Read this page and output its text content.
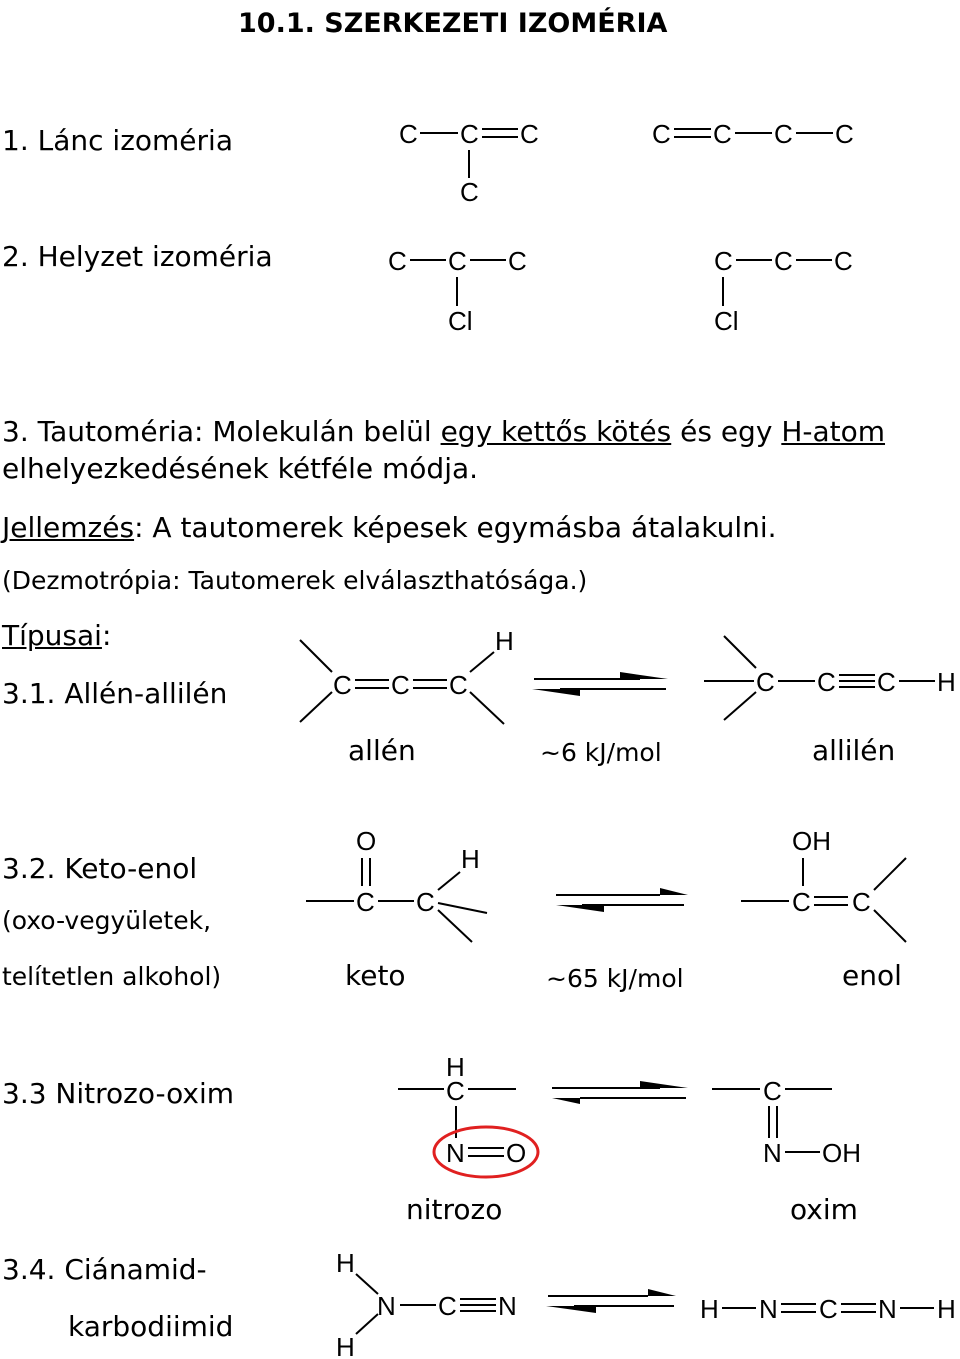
10.1. SZERKEZETI IZOMÉRIA
1. Lánc izoméria
2. Helyzet izoméria
3. Tautoméria: Molekulán belül egy kettős kötés és egy H-atom
elhelyezkedésének kétféle módja.
Jellemzés: A tautomerek képesek egymásba átalakulni.
(Dezmotrópia: Tautomerek elválaszthatósága.)
Típusai:
3.1. Allén-allilén
allén	~6 kJ/mol	allilén
3.2. Keto-enol
(oxo-vegyületek,
telítetlen alkohol)	keto	~65 kJ/mol	enol
3.3 Nitrozo-oxim
nitrozo	oxim
3.4. Ciánamid-
karbodiimid
C C C
C
C C C C
C C C
Cl
C C C
Cl
C C C
H
C C C H
O
C C
H
OH
C C
H
C
N O
C
N OH
H
N
H
C N	H N C N H
